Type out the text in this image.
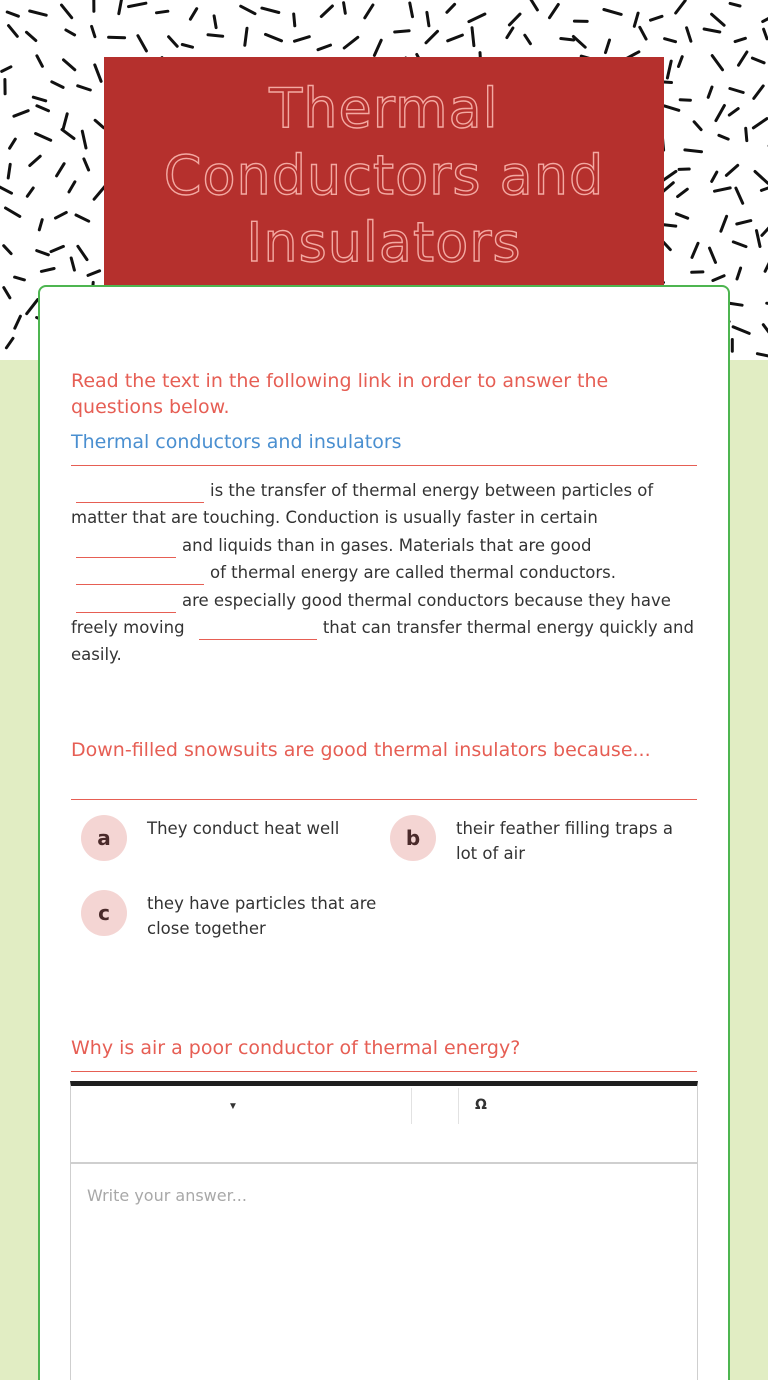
Thermal Conductors and Insulators
Read the text in the following link in order to answer the questions below.
Thermal conductors and insulators
is the transfer of thermal energy between particles of matter that are touching. Conduction is usually faster in certain and liquids than in gases. Materials that are good of thermal energy are called thermal conductors. are especially good thermal conductors because they have freely moving	that can transfer thermal energy quickly and easily.
Down-filled snowsuits are good thermal insulators because...
a	They conduct heat well	b	their feather filling traps a lot of air
c	they have particles that are close together
Why is air a poor conductor of thermal energy?
▼	Ω
Write your answer...
